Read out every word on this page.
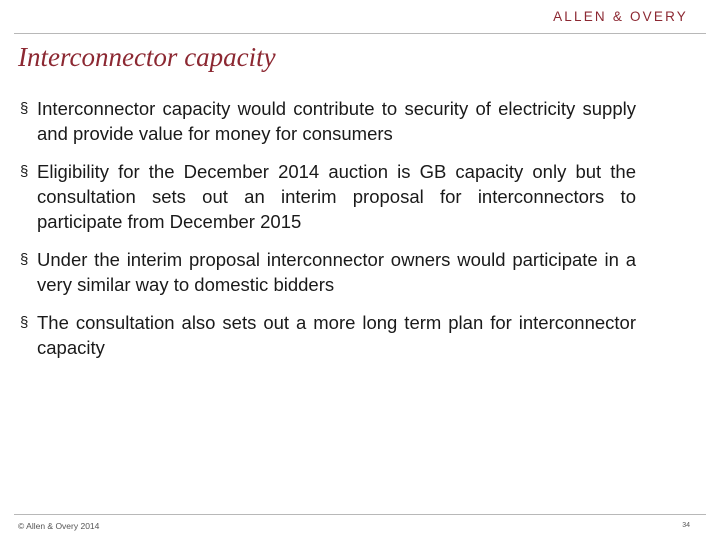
ALLEN & OVERY
Interconnector capacity
§ Interconnector capacity would contribute to security of electricity supply and provide value for money for consumers
§ Eligibility for the December 2014 auction is GB capacity only but the consultation sets out an interim proposal for interconnectors to participate from December 2015
§ Under the interim proposal interconnector owners would participate in a very similar way to domestic bidders
§ The consultation also sets out a more long term plan for interconnector capacity
© Allen & Overy 2014	34
